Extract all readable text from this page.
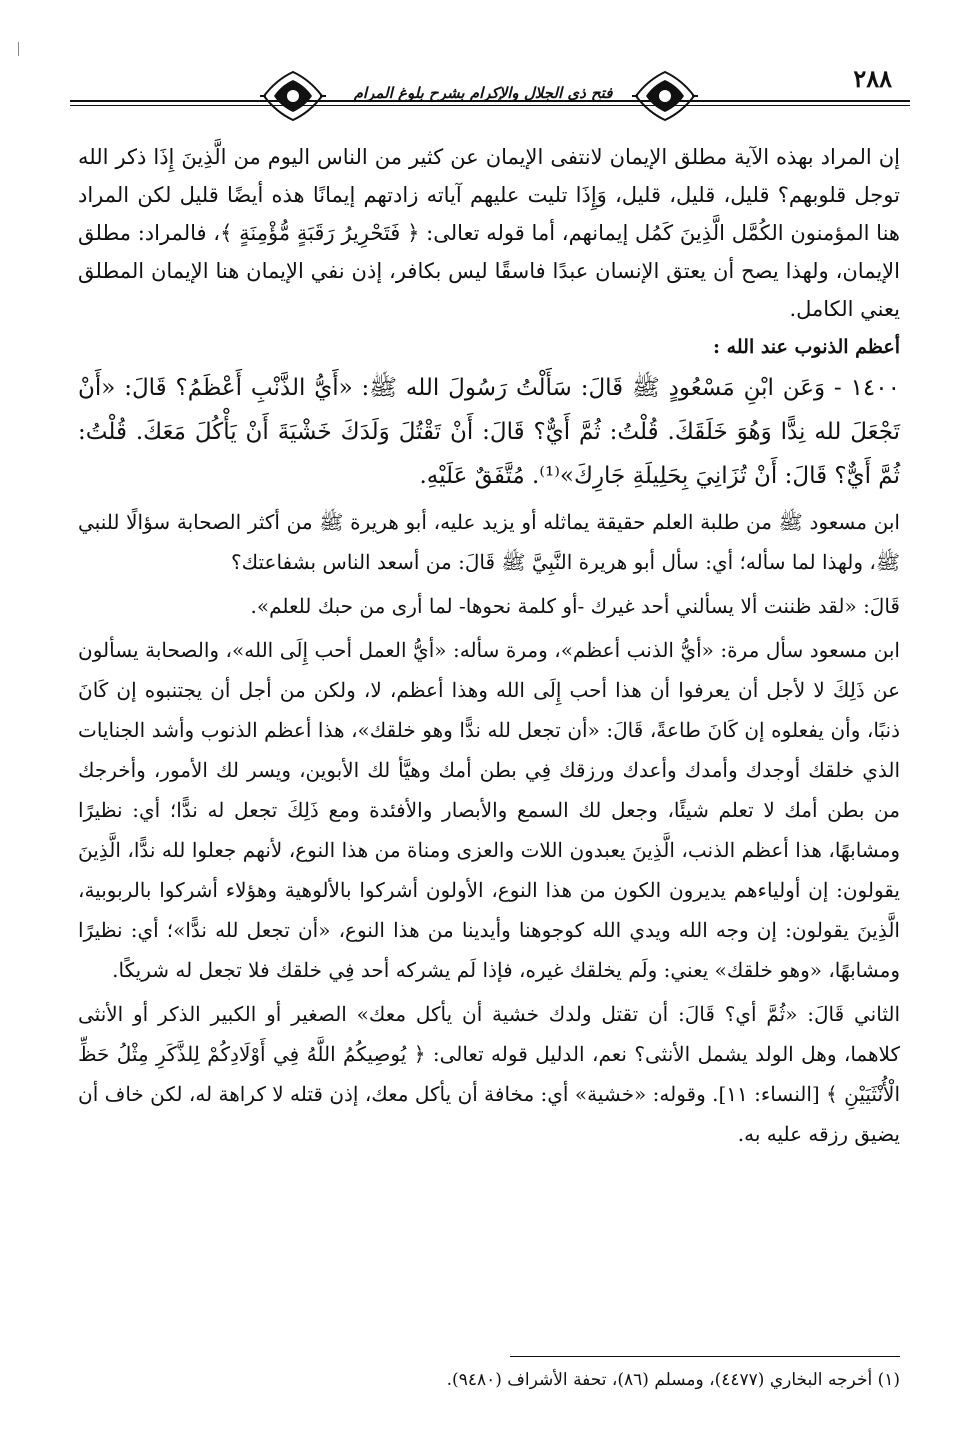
فتح ذي الجلال والإكرام بشرح بلوغ المرام	٢٨٨

إن المراد بهذه الآية مطلق الإيمان لانتفى الإيمان عن كثير من الناس اليوم من الَّذِينَ إِذَا ذكر الله توجل قلوبهم؟ قليل، قليل، قليل، وَإِذَا تليت عليهم آياته زادتهم إيمانًا هذه أيضًا قليل لكن المراد هنا المؤمنون الكُمَّل الَّذِينَ كَمُل إيمانهم، أما قوله تعالى: ﴿ فَتَحْرِيرُ رَقَبَةٍ مُّؤْمِنَةٍ ﴾، فالمراد: مطلق الإيمان، ولهذا يصح أن يعتق الإنسان عبدًا فاسقًا ليس بكافر، إذن نفي الإيمان هنا الإيمان المطلق يعني الكامل.

أعظم الذنوب عند الله :

١٤٠٠ - وَعَن ابْنِ مَسْعُودٍ ﷺ قَالَ: سَأَلْتُ رَسُولَ الله ﷺ: «أَيُّ الذَّنْبِ أَعْظَمُ؟ قَالَ: «أَنْ تَجْعَلَ لله نِدًّا وَهُوَ خَلَقَكَ. قُلْتُ: ثُمَّ أَيٌّ؟ قَالَ: أَنْ تَقْتُلَ وَلَدَكَ خَشْيَةَ أَنْ يَأْكُلَ مَعَكَ. قُلْتُ: ثُمَّ أَيٌّ؟ قَالَ: أَنْ تُزَانِيَ بِحَلِيلَةِ جَارِكَ»⁽¹⁾. مُتَّفَقٌ عَلَيْهِ.

ابن مسعود ﷺ من طلبة العلم حقيقة يماثله أو يزيد عليه، أبو هريرة ﷺ من أكثر الصحابة سؤالًا للنبي ﷺ، ولهذا لما سأله؛ أي: سأل أبو هريرة النَّبِيَّ ﷺ قَالَ: من أسعد الناس بشفاعتك؟

قَالَ: «لقد ظننت ألا يسألني أحد غيرك -أو كلمة نحوها- لما أرى من حبك للعلم».

ابن مسعود سأل مرة: «أيُّ الذنب أعظم»، ومرة سأله: «أيُّ العمل أحب إِلَى الله»، والصحابة يسألون عن ذَلِكَ لا لأجل أن يعرفوا أن هذا أحب إِلَى الله وهذا أعظم، لا، ولكن من أجل أن يجتنبوه إن كَانَ ذنبًا، وأن يفعلوه إن كَانَ طاعةً، قَالَ: «أن تجعل لله ندًّا وهو خلقك»، هذا أعظم الذنوب وأشد الجنايات الذي خلقك أوجدك وأمدك وأعدك ورزقك فِي بطن أمك وهيَّأ لك الأبوين، ويسر لك الأمور، وأخرجك من بطن أمك لا تعلم شيئًا، وجعل لك السمع والأبصار والأفئدة ومع ذَلِكَ تجعل له ندًّا؛ أي: نظيرًا ومشابهًا، هذا أعظم الذنب، الَّذِينَ يعبدون اللات والعزى ومناة من هذا النوع، لأنهم جعلوا لله ندًّا، الَّذِينَ يقولون: إن أولياءهم يديرون الكون من هذا النوع، الأولون أشركوا بالألوهية وهؤلاء أشركوا بالربوبية، الَّذِينَ يقولون: إن وجه الله ويدي الله كوجوهنا وأيدينا من هذا النوع، «أن تجعل لله ندًّا»؛ أي: نظيرًا ومشابهًا، «وهو خلقك» يعني: ولَم يخلقك غيره، فإذا لَم يشركه أحد فِي خلقك فلا تجعل له شريكًا.

الثاني قَالَ: «ثُمَّ أي؟ قَالَ: أن تقتل ولدك خشية أن يأكل معك» الصغير أو الكبير الذكر أو الأنثى كلاهما، وهل الولد يشمل الأنثى؟ نعم، الدليل قوله تعالى: ﴿ يُوصِيكُمُ اللَّهُ فِي أَوْلَادِكُمْ لِلذَّكَرِ مِثْلُ حَظِّ الْأُنْثَيَيْنِ ﴾ [النساء: ١١]. وقوله: «خشية» أي: مخافة أن يأكل معك، إذن قتله لا كراهة له، لكن خاف أن يضيق رزقه عليه به.

(١) أخرجه البخاري (٤٤٧٧)، ومسلم (٨٦)، تحفة الأشراف (٩٤٨٠).
